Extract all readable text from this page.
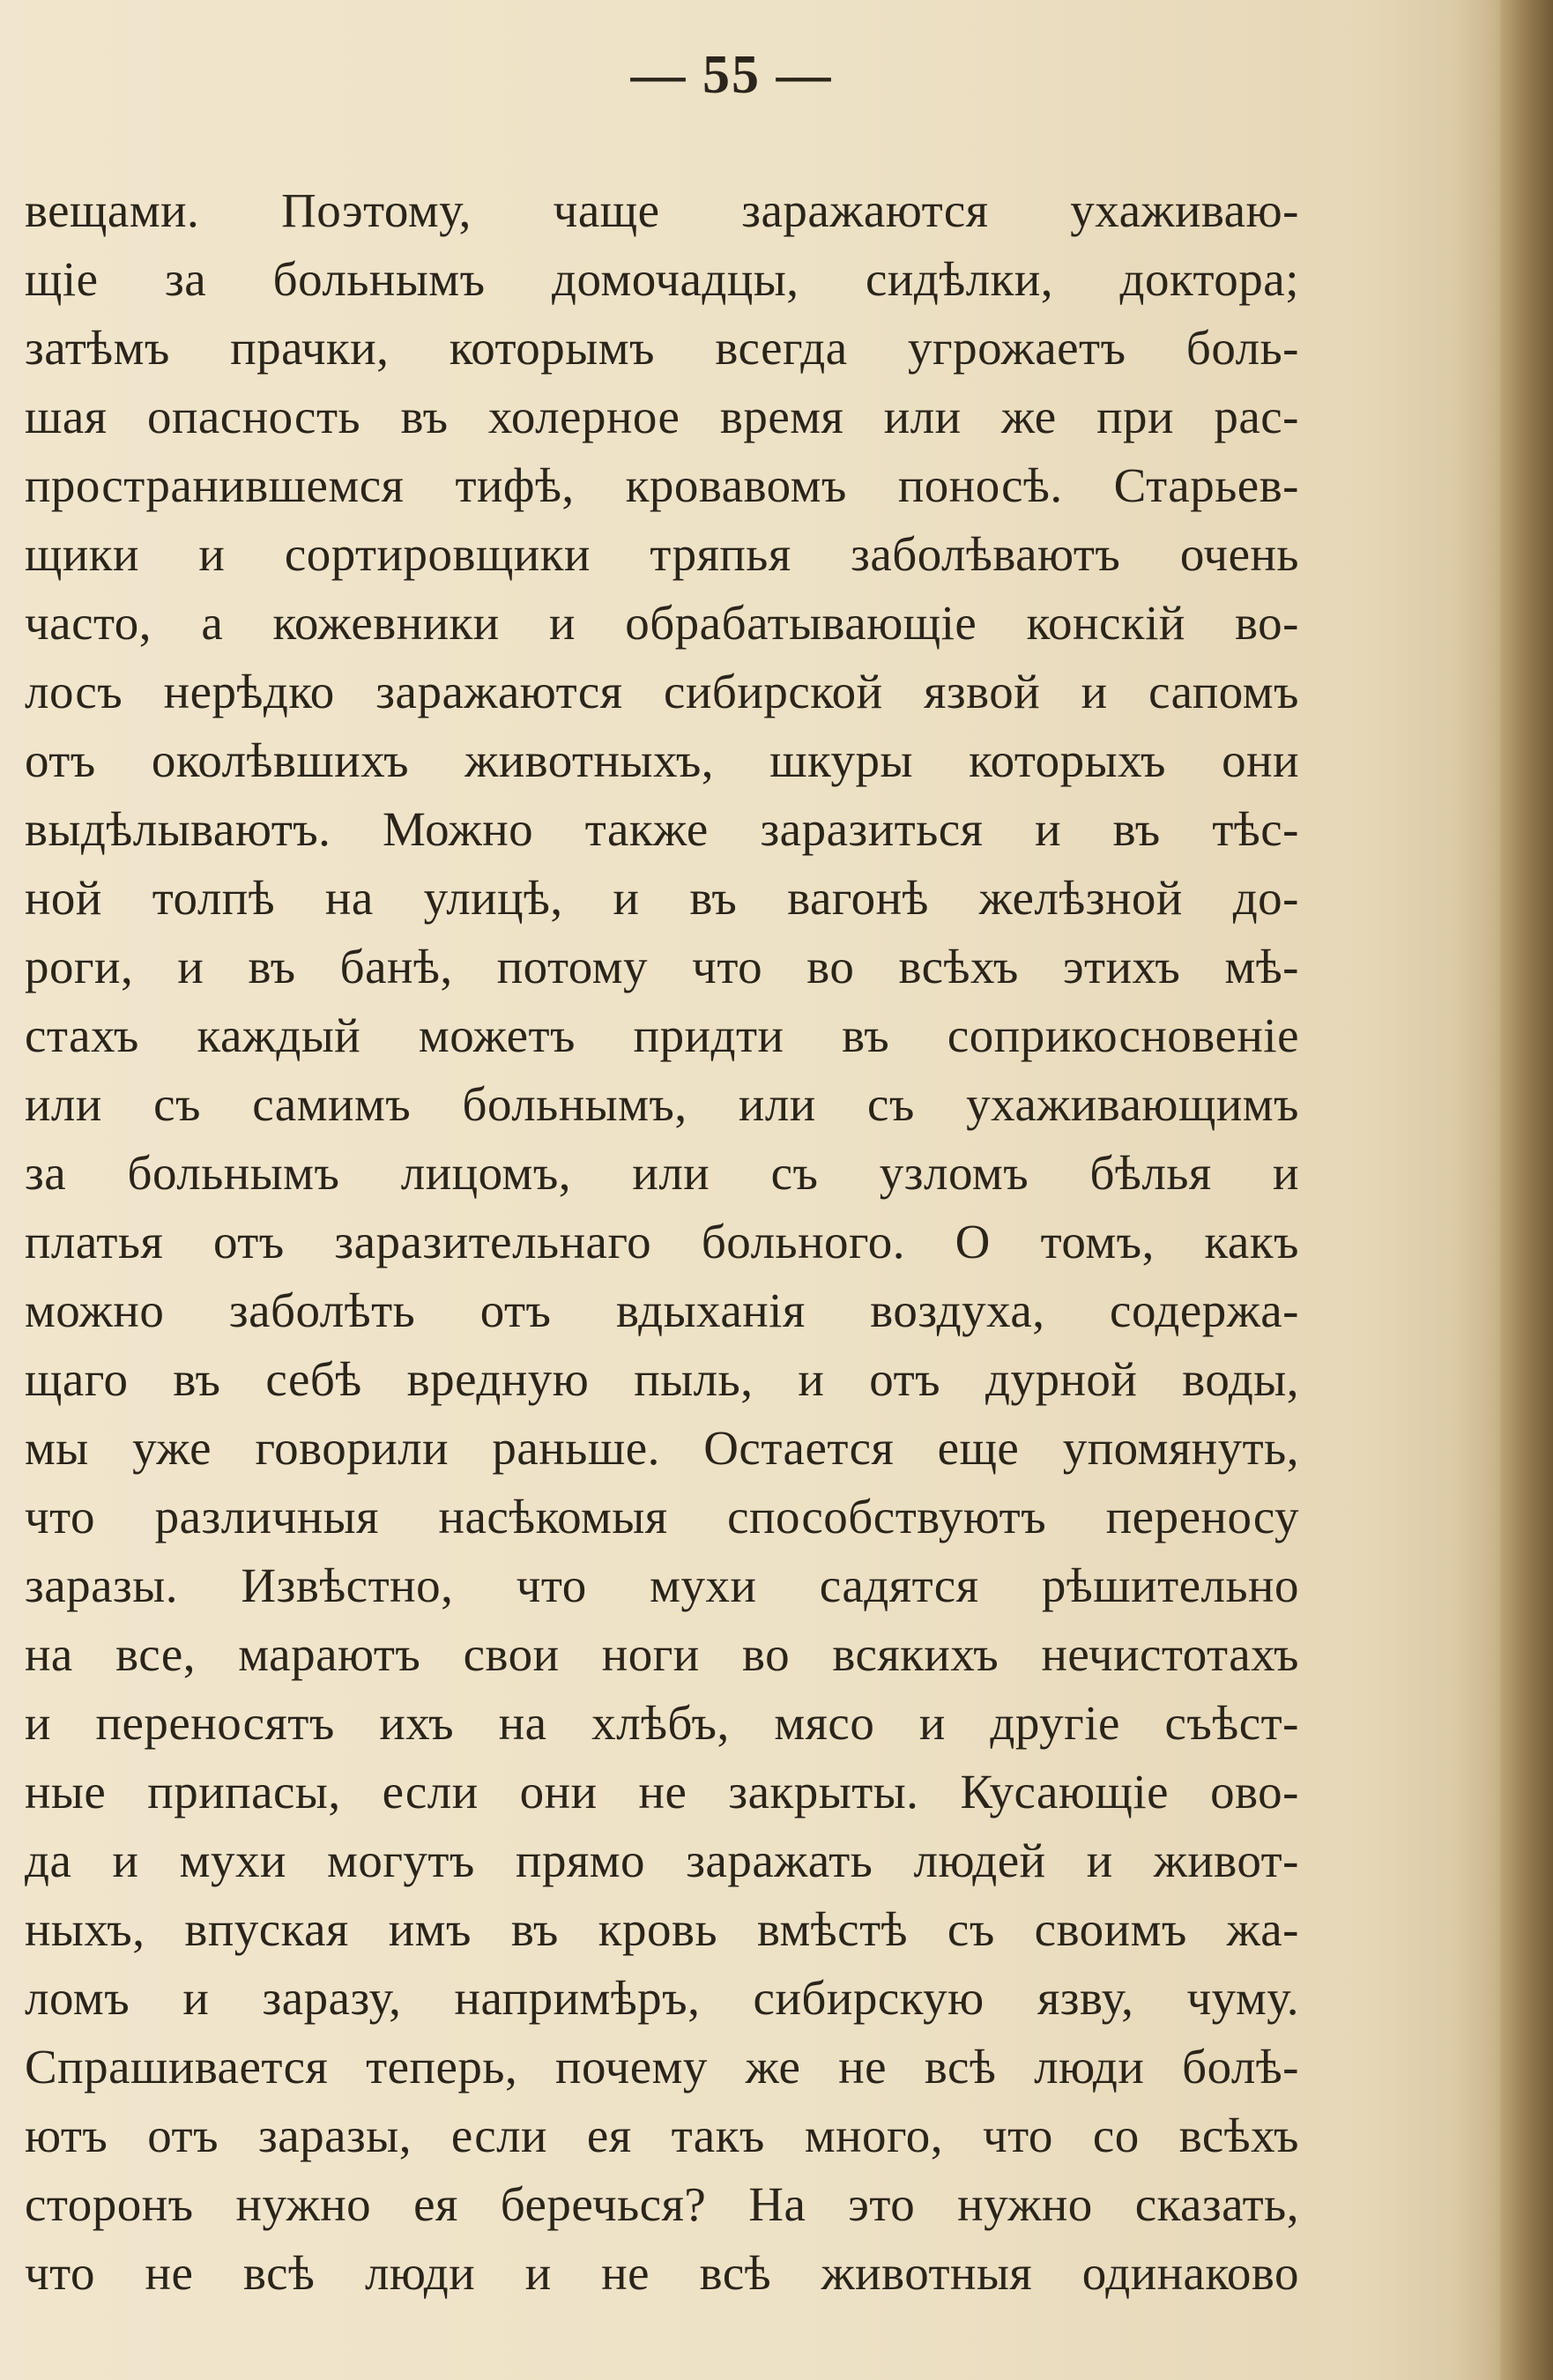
— 55 —
вещами. Поэтому, чаще заражаются ухаживаю-
щіе за больнымъ домочадцы, сидѣлки, доктора;
затѣмъ прачки, которымъ всегда угрожаетъ боль-
шая опасность въ холерное время или же при рас-
пространившемся тифѣ, кровавомъ поносѣ. Старьев-
щики и сортировщики тряпья заболѣваютъ очень
часто, а кожевники и обрабатывающіе конскій во-
лосъ нерѣдко заражаются сибирской язвой и сапомъ
отъ околѣвшихъ животныхъ, шкуры которыхъ они
выдѣлываютъ. Можно также заразиться и въ тѣс-
ной толпѣ на улицѣ, и въ вагонѣ желѣзной до-
роги, и въ банѣ, потому что во всѣхъ этихъ мѣ-
стахъ каждый можетъ придти въ соприкосновеніе
или съ самимъ больнымъ, или съ ухаживающимъ
за больнымъ лицомъ, или съ узломъ бѣлья и
платья отъ заразительнаго больного. О томъ, какъ
можно заболѣть отъ вдыханія воздуха, содержа-
щаго въ себѣ вредную пыль, и отъ дурной воды,
мы уже говорили раньше. Остается еще упомянуть,
что различныя насѣкомыя способствуютъ переносу
заразы. Извѣстно, что мухи садятся рѣшительно
на все, мараютъ свои ноги во всякихъ нечистотахъ
и переносятъ ихъ на хлѣбъ, мясо и другіе съѣст-
ные припасы, если они не закрыты. Кусающіе ово-
да и мухи могутъ прямо заражать людей и живот-
ныхъ, впуская имъ въ кровь вмѣстѣ съ своимъ жа-
ломъ и заразу, напримѣръ, сибирскую язву, чуму.
Спрашивается теперь, почему же не всѣ люди болѣ-
ютъ отъ заразы, если ея такъ много, что со всѣхъ
сторонъ нужно ея беречься? На это нужно сказать,
что не всѣ люди и не всѣ животныя одинаково
